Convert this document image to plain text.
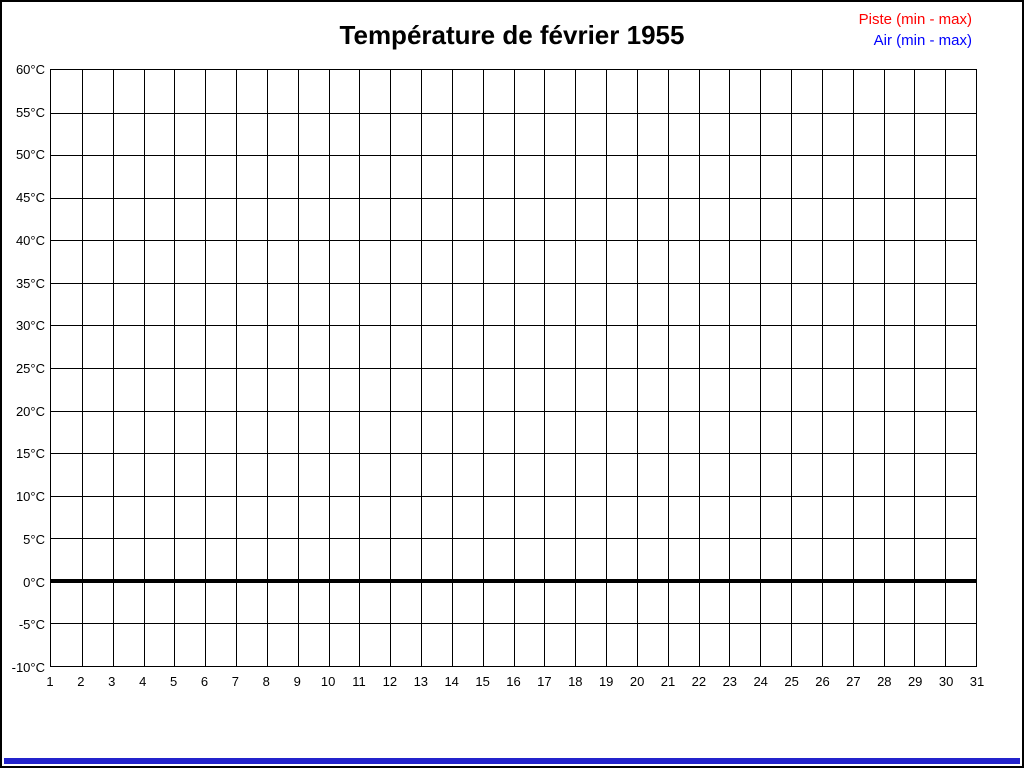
Température de février 1955
Piste (min - max)
Air (min - max)
60°C
55°C
50°C
45°C
40°C
35°C
30°C
25°C
20°C
15°C
10°C
5°C
0°C
-5°C
-10°C
1 2 3 4 5 6 7 8 9 10 11 12 13 14 15 16 17 18 19 20 21 22 23 24 25 26 27 28 29 30 31
